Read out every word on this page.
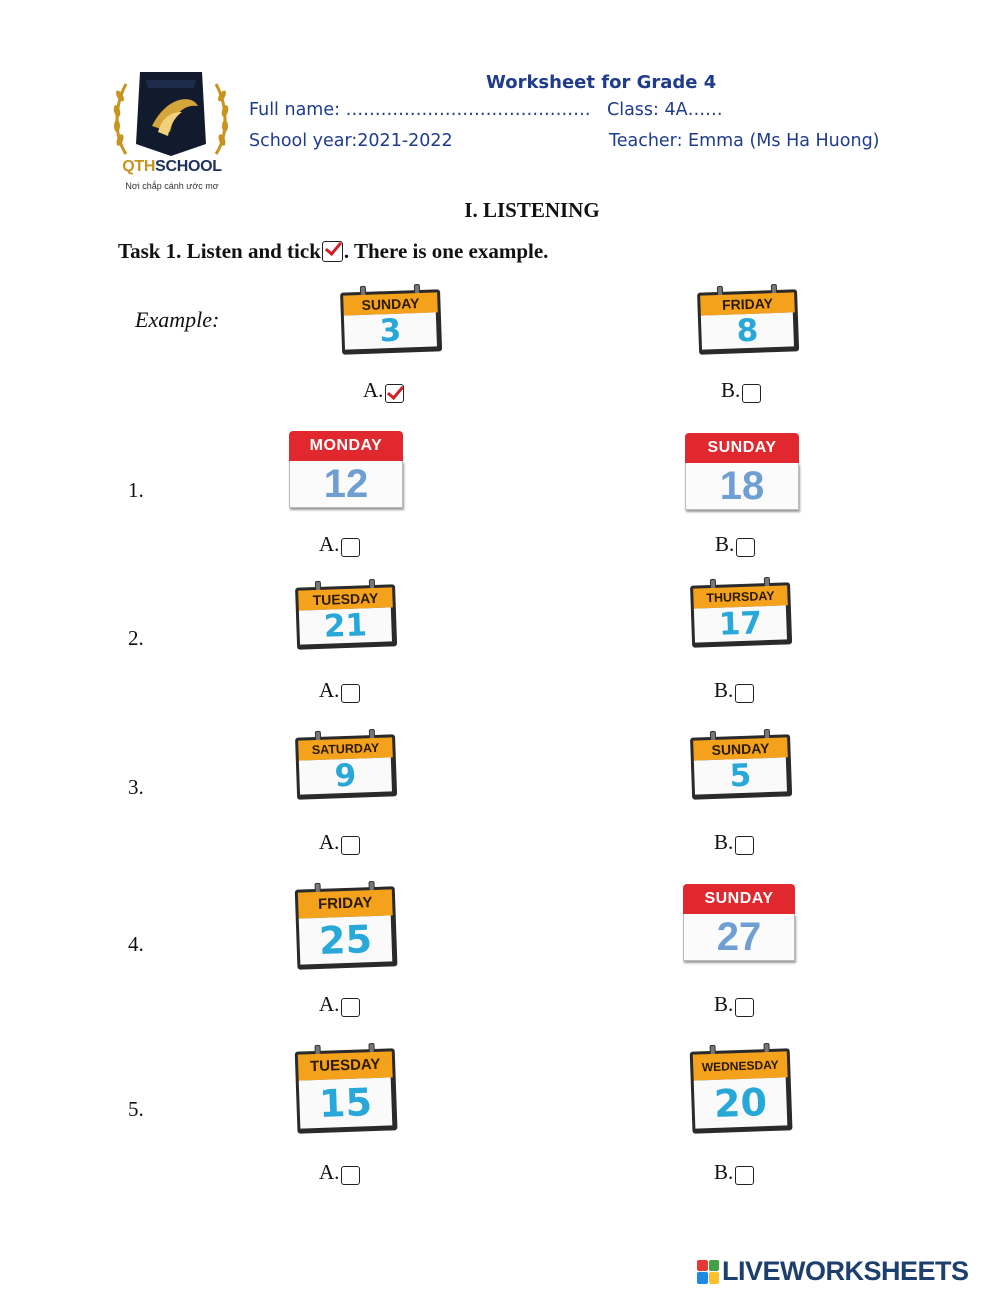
QTHSCHOOL
Nơi chắp cánh ước mơ
Worksheet for Grade 4
Full name: …………………………………… Class: 4A……
School year:2021-2022	Teacher: Emma (Ms Ha Huong)
I. LISTENING
Task 1. Listen and tick . There is one example.
Example:
SUNDAY
3
FRIDAY
8
A.	B.
1.
MONDAY
12
SUNDAY
18
A.	B.
2.
TUESDAY
21
THURSDAY
17
A.	B.
3.
SATURDAY
9
SUNDAY
5
A.	B.
4.
FRIDAY
25
SUNDAY
27
A.	B.
5.
TUESDAY
15
WEDNESDAY
20
A.	B.
LIVEWORKSHEETS
